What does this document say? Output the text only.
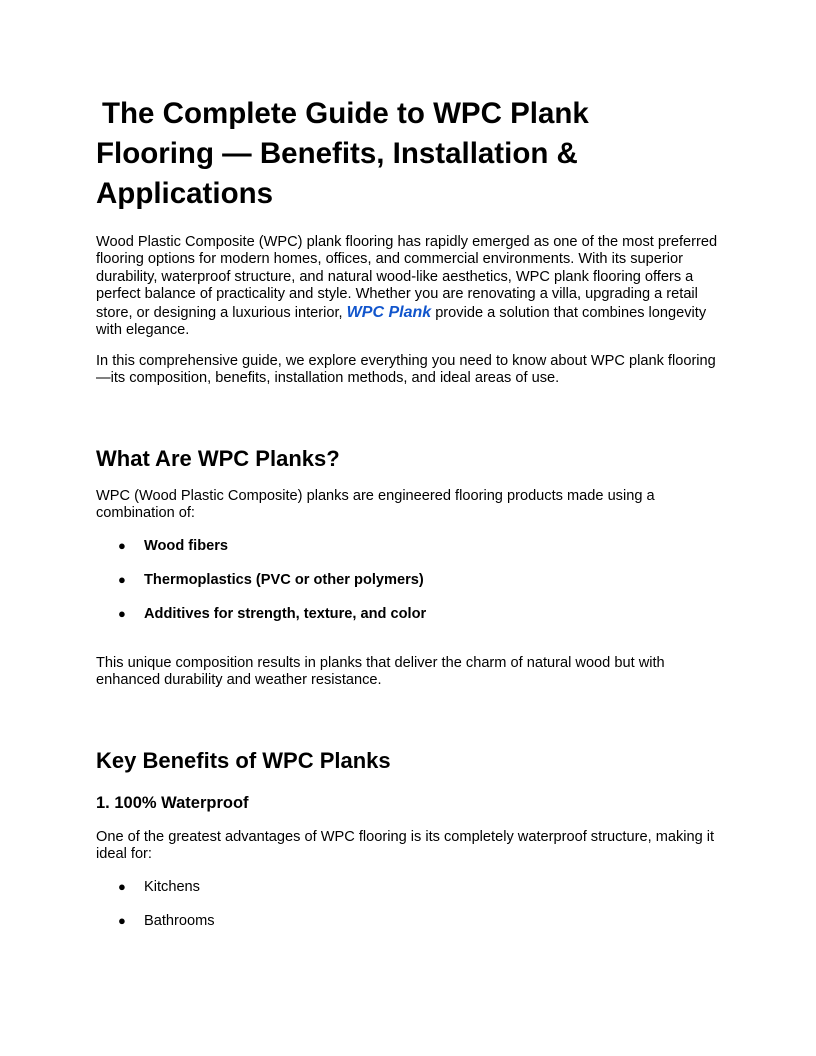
The Complete Guide to WPC Plank Flooring — Benefits, Installation & Applications

Wood Plastic Composite (WPC) plank flooring has rapidly emerged as one of the most preferred flooring options for modern homes, offices, and commercial environments. With its superior durability, waterproof structure, and natural wood-like aesthetics, WPC plank flooring offers a perfect balance of practicality and style. Whether you are renovating a villa, upgrading a retail store, or designing a luxurious interior, WPC Plank provide a solution that combines longevity with elegance.

In this comprehensive guide, we explore everything you need to know about WPC plank flooring—its composition, benefits, installation methods, and ideal areas of use.

What Are WPC Planks?

WPC (Wood Plastic Composite) planks are engineered flooring products made using a combination of:

● Wood fibers
● Thermoplastics (PVC or other polymers)
● Additives for strength, texture, and color

This unique composition results in planks that deliver the charm of natural wood but with enhanced durability and weather resistance.

Key Benefits of WPC Planks
1. 100% Waterproof

One of the greatest advantages of WPC flooring is its completely waterproof structure, making it ideal for:

● Kitchens
● Bathrooms
